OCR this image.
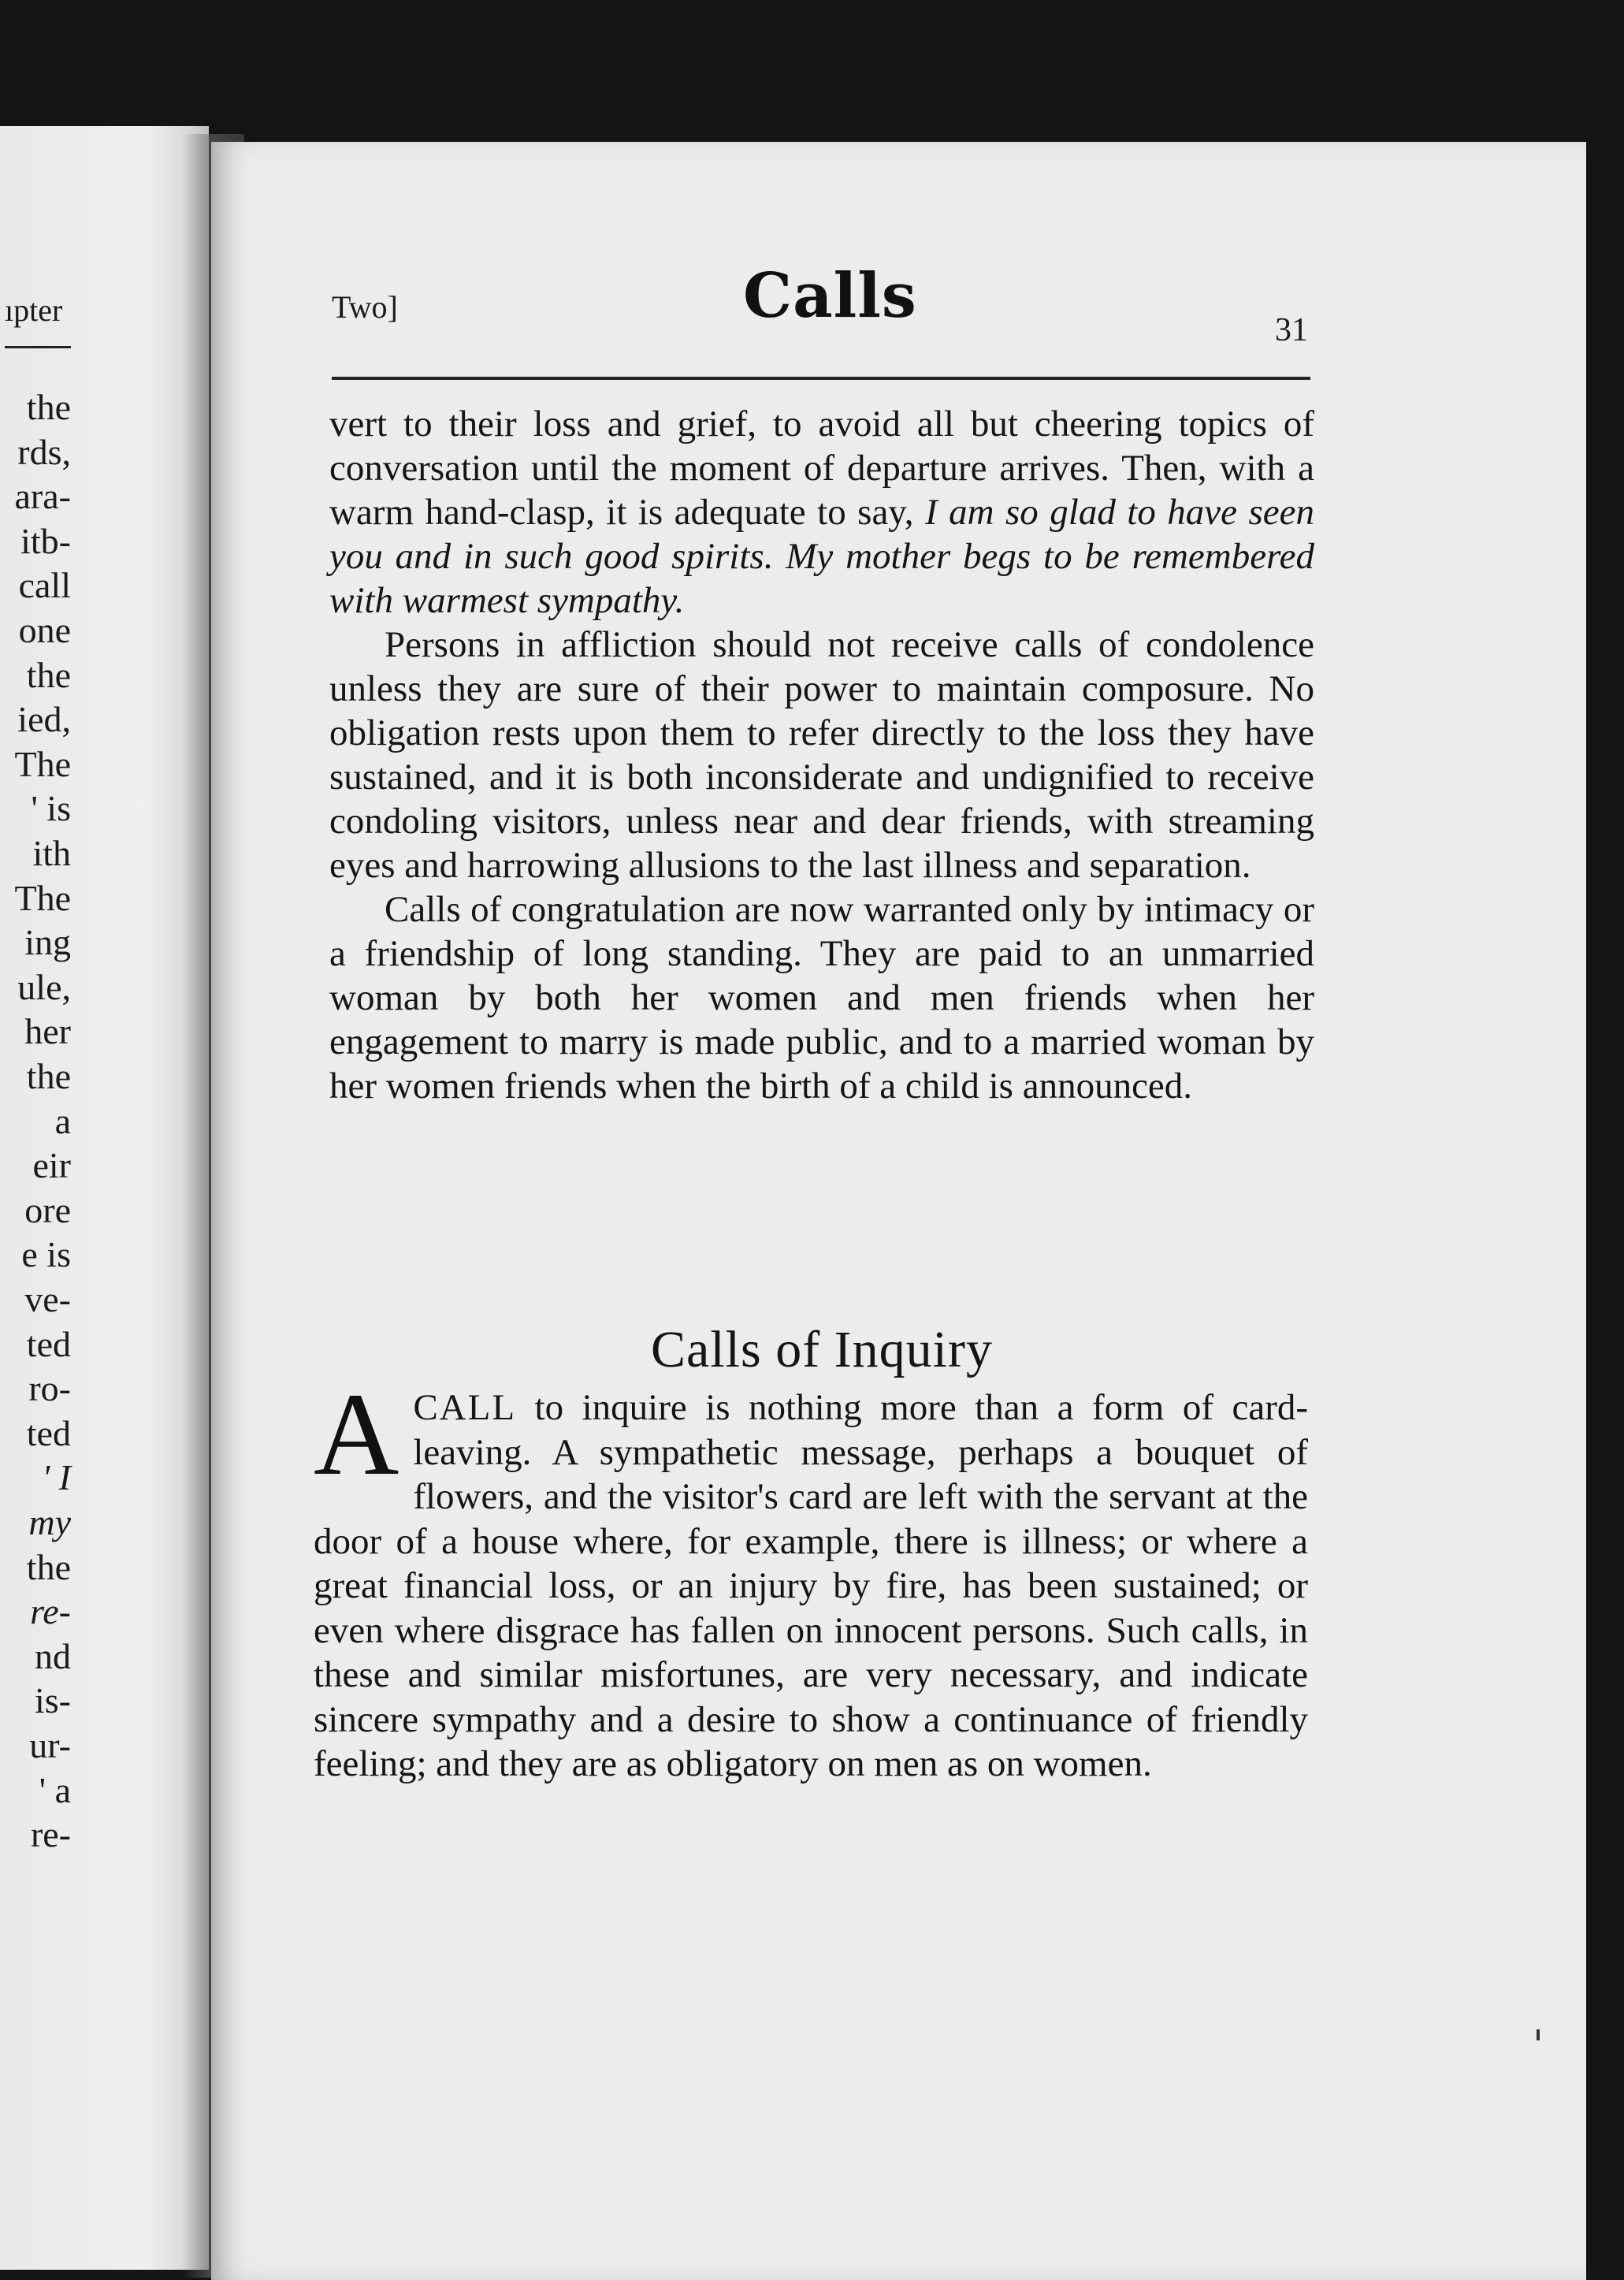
ıpter
the
rds,
ara-
itb-
call
one
the
ied,
The
' is
ith
The
ing
ule,
her
the
a
eir
ore
e is
ve-
ted
ro-
ted
' I
my
the
re-
nd
is-
ur-
' a
re-
Two]	Calls	31

vert to their loss and grief, to avoid all but cheering topics of conversation until the moment of departure arrives. Then, with a warm hand-clasp, it is adequate to say, I am so glad to have seen you and in such good spirits. My mother begs to be remembered with warmest sympathy.

Persons in affliction should not receive calls of condolence unless they are sure of their power to maintain composure. No obligation rests upon them to refer directly to the loss they have sustained, and it is both inconsiderate and undignified to receive condoling visitors, unless near and dear friends, with streaming eyes and harrowing allusions to the last illness and separation.

Calls of congratulation are now warranted only by intimacy or a friendship of long standing. They are paid to an unmarried woman by both her women and men friends when her engagement to marry is made public, and to a married woman by her women friends when the birth of a child is announced.

Calls of Inquiry
ACALL to inquire is nothing more than a form of card-leaving. A sympathetic message, perhaps a bouquet of flowers, and the visitor's card are left with the servant at the door of a house where, for example, there is illness; or where a great financial loss, or an injury by fire, has been sustained; or even where disgrace has fallen on innocent persons. Such calls, in these and similar misfortunes, are very necessary, and indicate sincere sympathy and a desire to show a continuance of friendly feeling; and they are as obligatory on men as on women.
